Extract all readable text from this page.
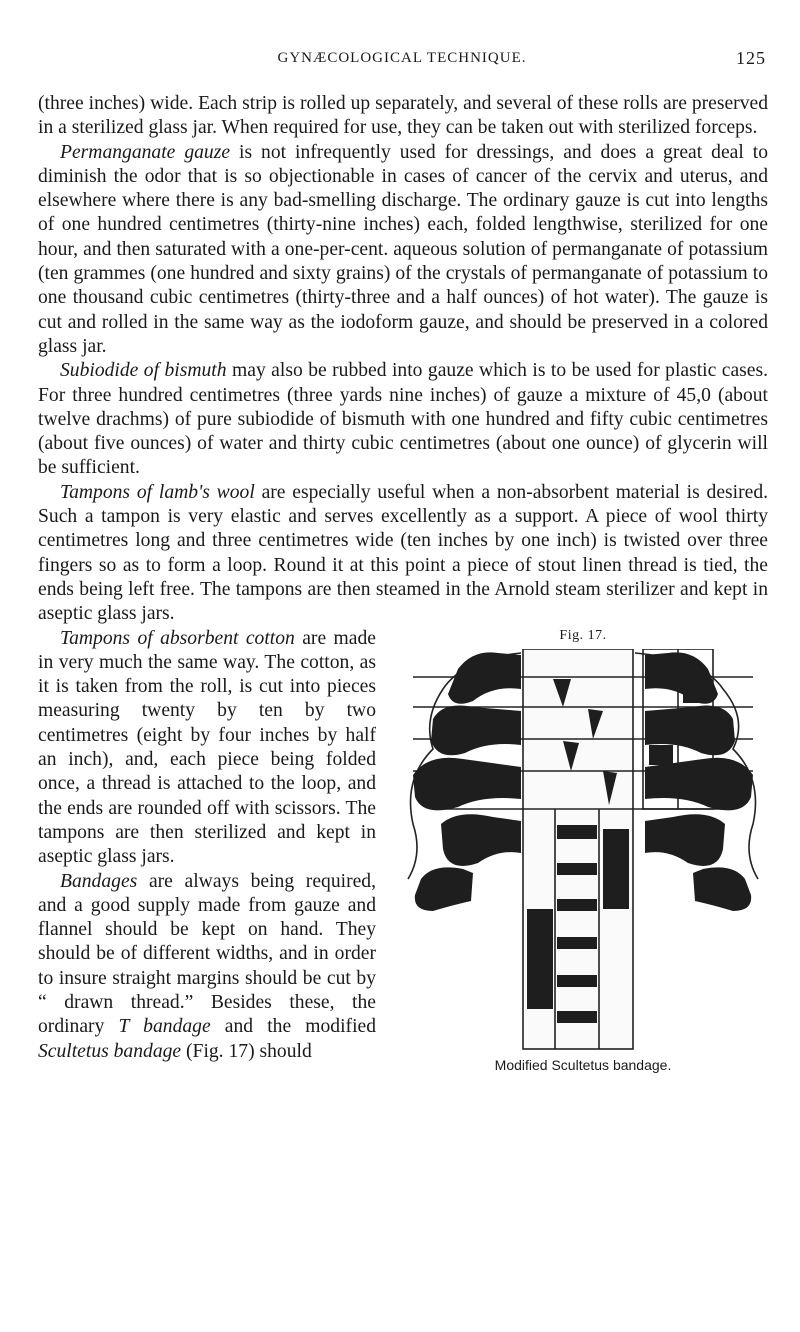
GYNÆCOLOGICAL TECHNIQUE.	125

(three inches) wide. Each strip is rolled up separately, and several of these rolls are preserved in a sterilized glass jar. When required for use, they can be taken out with sterilized forceps.

Permanganate gauze is not infrequently used for dressings, and does a great deal to diminish the odor that is so objectionable in cases of cancer of the cervix and uterus, and elsewhere where there is any bad-smelling discharge. The ordinary gauze is cut into lengths of one hundred centimetres (thirty-nine inches) each, folded lengthwise, sterilized for one hour, and then saturated with a one-per-cent. aqueous solution of permanganate of potassium (ten grammes (one hundred and sixty grains) of the crystals of permanganate of potassium to one thousand cubic centimetres (thirty-three and a half ounces) of hot water). The gauze is cut and rolled in the same way as the iodoform gauze, and should be preserved in a colored glass jar.

Subiodide of bismuth may also be rubbed into gauze which is to be used for plastic cases. For three hundred centimetres (three yards nine inches) of gauze a mixture of 45,0 (about twelve drachms) of pure subiodide of bismuth with one hundred and fifty cubic centimetres (about five ounces) of water and thirty cubic centimetres (about one ounce) of glycerin will be sufficient.

Tampons of lamb's wool are especially useful when a non-absorbent material is desired. Such a tampon is very elastic and serves excellently as a support. A piece of wool thirty centimetres long and three centimetres wide (ten inches by one inch) is twisted over three fingers so as to form a loop. Round it at this point a piece of stout linen thread is tied, the ends being left free. The tampons are then steamed in the Arnold steam sterilizer and kept in aseptic glass jars.

Fig. 17.
Modified Scultetus bandage.

Tampons of absorbent cotton are made in very much the same way. The cotton, as it is taken from the roll, is cut into pieces measuring twenty by ten by two centimetres (eight by four inches by half an inch), and, each piece being folded once, a thread is attached to the loop, and the ends are rounded off with scissors. The tampons are then sterilized and kept in aseptic glass jars.

Bandages are always being required, and a good supply made from gauze and flannel should be kept on hand. They should be of different widths, and in order to insure straight margins should be cut by “ drawn thread.” Besides these, the ordinary T bandage and the modified Scultetus bandage (Fig. 17) should
